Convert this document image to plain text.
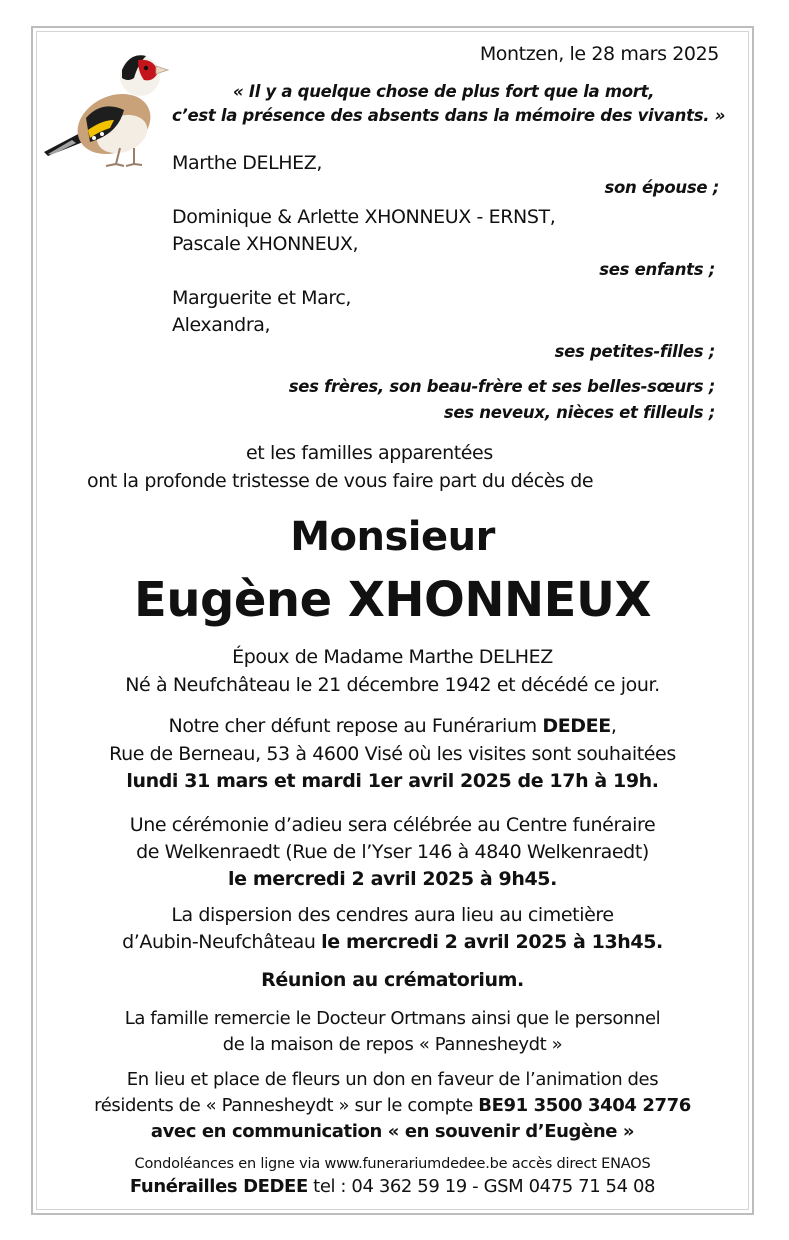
Montzen, le 28 mars 2025
« Il y a quelque chose de plus fort que la mort,
c’est la présence des absents dans la mémoire des vivants. »
Marthe DELHEZ,
son épouse ;
Dominique & Arlette XHONNEUX - ERNST,
Pascale XHONNEUX,
ses enfants ;
Marguerite et Marc,
Alexandra,
ses petites-filles ;
ses frères, son beau-frère et ses belles-sœurs ;
ses neveux, nièces et filleuls ;
et les familles apparentées
ont la profonde tristesse de vous faire part du décès de
Monsieur
Eugène XHONNEUX
Époux de Madame Marthe DELHEZ
Né à Neufchâteau le 21 décembre 1942 et décédé ce jour.
Notre cher défunt repose au Funérarium DEDEE,
Rue de Berneau, 53 à 4600 Visé où les visites sont souhaitées
lundi 31 mars et mardi 1er avril 2025 de 17h à 19h.
Une cérémonie d’adieu sera célébrée au Centre funéraire
de Welkenraedt (Rue de l’Yser 146 à 4840 Welkenraedt)
le mercredi 2 avril 2025 à 9h45.
La dispersion des cendres aura lieu au cimetière
d’Aubin-Neufchâteau le mercredi 2 avril 2025 à 13h45.
Réunion au crématorium.
La famille remercie le Docteur Ortmans ainsi que le personnel
de la maison de repos « Pannesheydt »
En lieu et place de fleurs un don en faveur de l’animation des
résidents de « Pannesheydt » sur le compte BE91 3500 3404 2776
avec en communication « en souvenir d’Eugène »
Condoléances en ligne via www.funerariumdedee.be accès direct ENAOS
Funérailles DEDEE tel : 04 362 59 19 - GSM 0475 71 54 08
